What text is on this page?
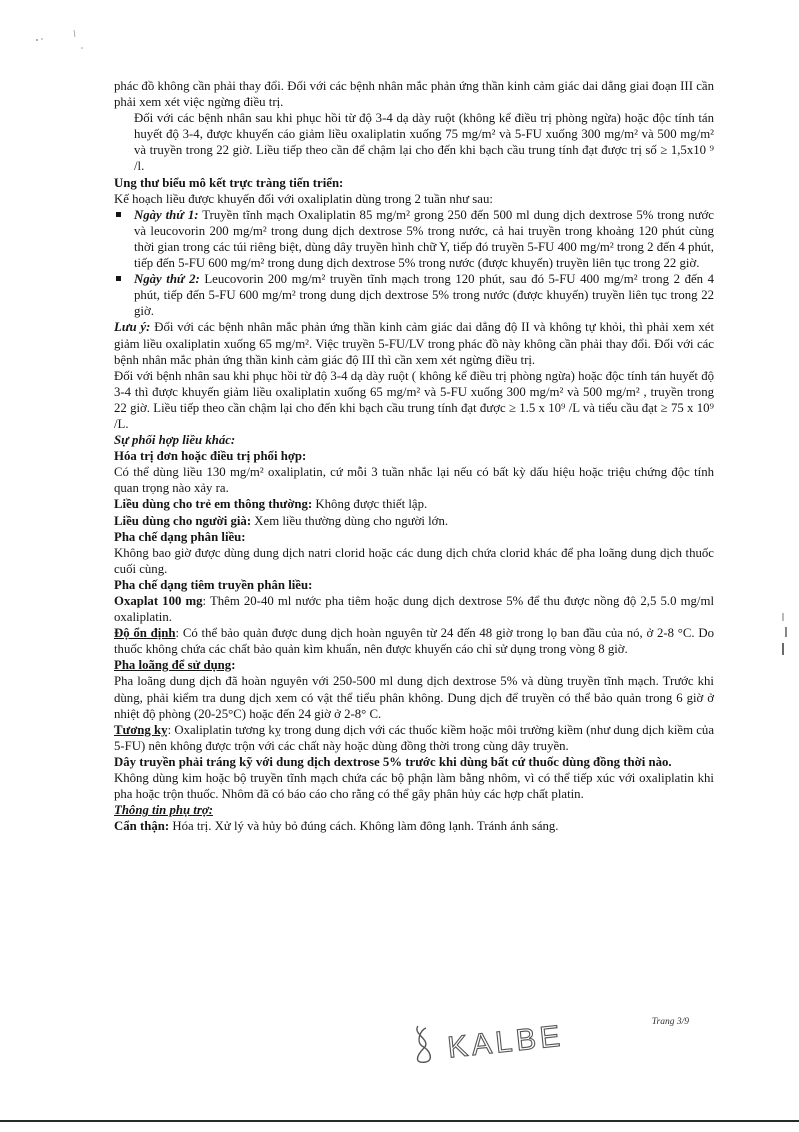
phác đồ không cần phải thay đổi. Đối với các bệnh nhân mắc phản ứng thần kinh cảm giác dai dẳng giai đoạn III cần phải xem xét việc ngừng điều trị.

Đối với các bệnh nhân sau khi phục hồi từ độ 3-4 dạ dày ruột (không kể điều trị phòng ngừa) hoặc độc tính tán huyết độ 3-4, được khuyến cáo giảm liều oxaliplatin xuống 75 mg/m² và 5-FU xuống 300 mg/m² và 500 mg/m² và truyền trong 22 giờ. Liều tiếp theo cần để chậm lại cho đến khi bạch cầu trung tính đạt được trị số ≥ 1,5x10 ⁹ /l.

Ung thư biểu mô kết trực tràng tiến triển:

Kế hoạch liều được khuyến đối với oxaliplatin dùng trong 2 tuần như sau:

Ngày thứ 1: Truyền tĩnh mạch Oxaliplatin 85 mg/m² grong 250 đến 500 ml dung dịch dextrose 5% trong nước và leucovorin 200 mg/m² trong dung dịch dextrose 5% trong nước, cả hai truyền trong khoảng 120 phút cùng thời gian trong các túi riêng biệt, dùng dây truyền hình chữ Y, tiếp đó truyền 5-FU 400 mg/m² trong 2 đến 4 phút, tiếp đến 5-FU 600 mg/m² trong dung dịch dextrose 5% trong nước (được khuyến) truyền liên tục trong 22 giờ.
Ngày thứ 2: Leucovorin 200 mg/m² truyền tĩnh mạch trong 120 phút, sau đó 5-FU 400 mg/m² trong 2 đến 4 phút, tiếp đến 5-FU 600 mg/m² trong dung dịch dextrose 5% trong nước (được khuyến) truyền liên tục trong 22 giờ.

Lưu ý: Đối với các bệnh nhân mắc phản ứng thần kinh cảm giác dai dẳng độ II và không tự khỏi, thì phải xem xét giảm liều oxaliplatin xuống 65 mg/m². Việc truyền 5-FU/LV trong phác đồ này không cần phải thay đổi. Đối với các bệnh nhân mắc phản ứng thần kinh cảm giác độ III thì cần xem xét ngừng điều trị.

Đối với bệnh nhân sau khi phục hồi từ độ 3-4 dạ dày ruột ( không kể điều trị phòng ngừa) hoặc độc tính tán huyết độ 3-4 thì được khuyến giảm liều oxaliplatin xuống 65 mg/m² và 5-FU xuống 300 mg/m² và 500 mg/m² , truyền trong 22 giờ. Liều tiếp theo cần chậm lại cho đến khi bạch cầu trung tính đạt được ≥ 1.5 x 10⁹ /L và tiểu cầu đạt ≥ 75 x 10⁹ /L.

Sự phối hợp liều khác:

Hóa trị đơn hoặc điều trị phối hợp:

Có thể dùng liều 130 mg/m² oxaliplatin, cứ mỗi 3 tuần nhắc lại nếu có bất kỳ dấu hiệu hoặc triệu chứng độc tính quan trọng nào xảy ra.

Liều dùng cho trẻ em thông thường: Không được thiết lập.

Liều dùng cho người già: Xem liều thường dùng cho người lớn.

Pha chế dạng phân liều:

Không bao giờ được dùng dung dịch natri clorid hoặc các dung dịch chứa clorid khác để pha loãng dung dịch thuốc cuối cùng.

Pha chế dạng tiêm truyền phân liều:

Oxaplat 100 mg: Thêm 20-40 ml nước pha tiêm hoặc dung dịch dextrose 5% để thu được nồng độ 2,5 5.0 mg/ml oxaliplatin.

Độ ổn định: Có thể bảo quản được dung dịch hoàn nguyên từ 24 đến 48 giờ trong lọ ban đầu của nó, ở 2-8 °C. Do thuốc không chứa các chất bảo quản kìm khuẩn, nên được khuyến cáo chỉ sử dụng trong vòng 8 giờ.

Pha loãng để sử dụng:

Pha loãng dung dịch đã hoàn nguyên với 250-500 ml dung dịch dextrose 5% và dùng truyền tĩnh mạch. Trước khi dùng, phải kiểm tra dung dịch xem có vật thể tiểu phân không. Dung dịch để truyền có thể bảo quản trong 6 giờ ở nhiệt độ phòng (20-25°C) hoặc đến 24 giờ ở 2-8° C.

Tương kỵ: Oxaliplatin tương kỵ trong dung dịch với các thuốc kiềm hoặc môi trường kiềm (như dung dịch kiềm của 5-FU) nên không được trộn với các chất này hoặc dùng đồng thời trong cùng dây truyền.

Dây truyền phải tráng kỹ với dung dịch dextrose 5% trước khi dùng bất cứ thuốc dùng đồng thời nào.

Không dùng kim hoặc bộ truyền tĩnh mạch chứa các bộ phận làm bằng nhôm, vì có thể tiếp xúc với oxaliplatin khi pha hoặc trộn thuốc. Nhôm đã có báo cáo cho rằng có thể gây phân hủy các hợp chất platin.

Thông tin phụ trợ:

Cẩn thận: Hóa trị. Xử lý và hủy bỏ đúng cách. Không làm đông lạnh. Tránh ánh sáng.

KALBE	Trang 3/9
